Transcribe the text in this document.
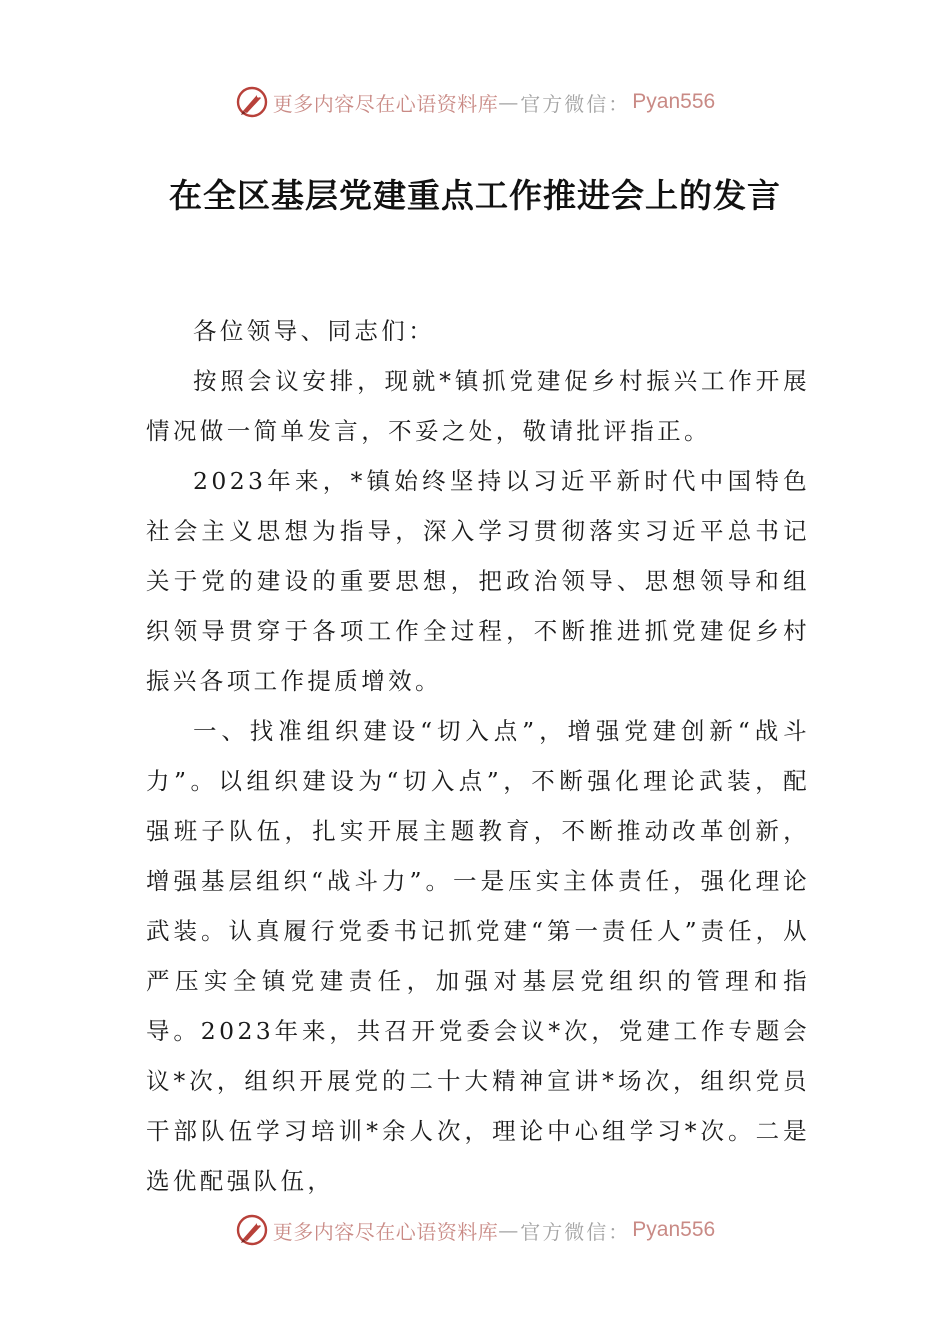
更多内容尽在心语资料库 — 官方微信： Pyan556
在全区基层党建重点工作推进会上的发言

各位领导、同志们：

按照会议安排，现就*镇抓党建促乡村振兴工作开展情况做一简单发言，不妥之处，敬请批评指正。

2023年来，*镇始终坚持以习近平新时代中国特色社会主义思想为指导，深入学习贯彻落实习近平总书记关于党的建设的重要思想，把政治领导、思想领导和组织领导贯穿于各项工作全过程，不断推进抓党建促乡村振兴各项工作提质增效。

一、找准组织建设“切入点”，增强党建创新“战斗力”。以组织建设为“切入点”，不断强化理论武装，配强班子队伍，扎实开展主题教育，不断推动改革创新，增强基层组织“战斗力”。一是压实主体责任，强化理论武装。认真履行党委书记抓党建“第一责任人”责任，从严压实全镇党建责任，加强对基层党组织的管理和指导。2023年来，共召开党委会议*次，党建工作专题会议*次，组织开展党的二十大精神宣讲*场次，组织党员干部队伍学习培训*余人次，理论中心组学习*次。二是选优配强队伍，

更多内容尽在心语资料库 — 官方微信： Pyan556
